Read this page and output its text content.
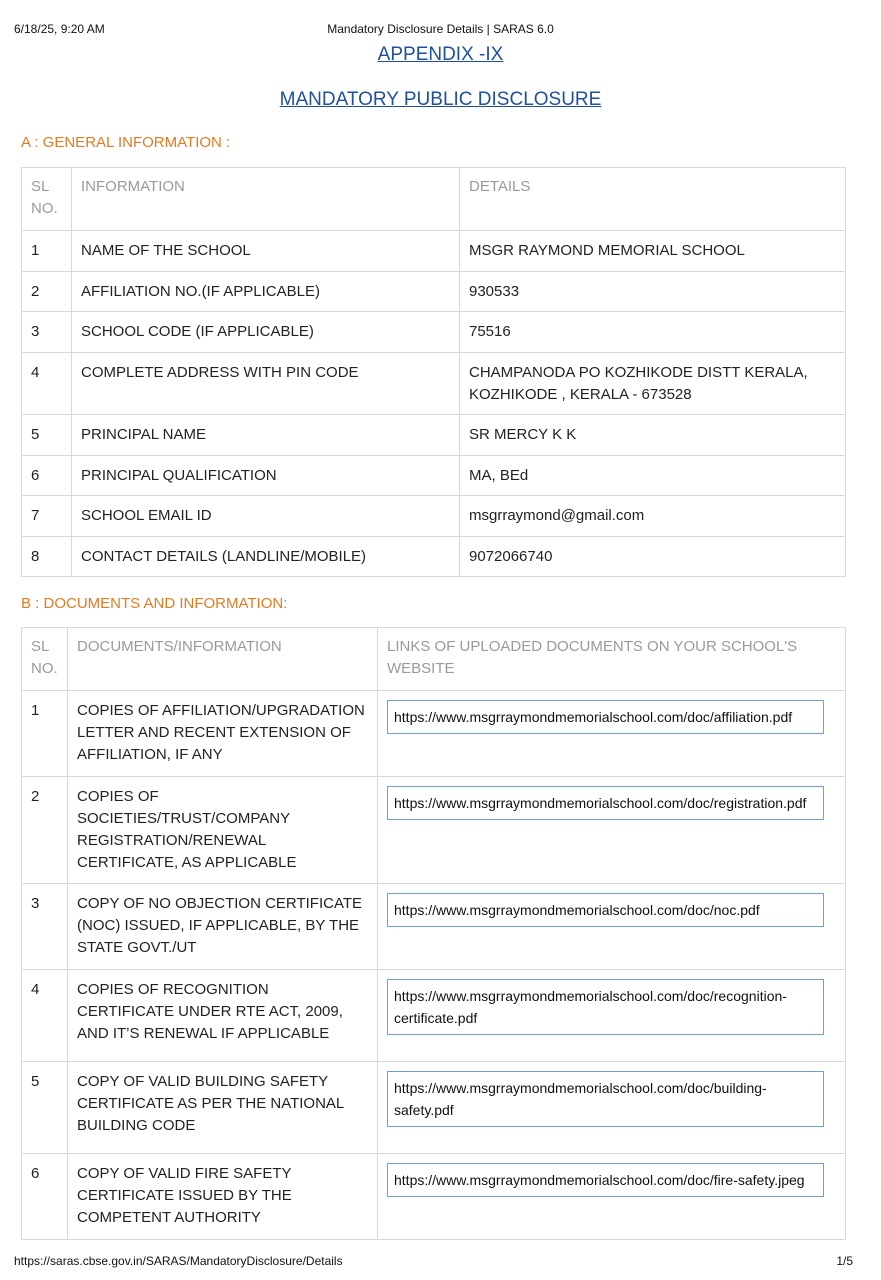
6/18/25, 9:20 AM	Mandatory Disclosure Details | SARAS 6.0
APPENDIX -IX
MANDATORY PUBLIC DISCLOSURE
A : GENERAL INFORMATION :
SL NO.	INFORMATION	DETAILS
1	NAME OF THE SCHOOL	MSGR RAYMOND MEMORIAL SCHOOL
2	AFFILIATION NO.(IF APPLICABLE)	930533
3	SCHOOL CODE (IF APPLICABLE)	75516
4	COMPLETE ADDRESS WITH PIN CODE	CHAMPANODA PO KOZHIKODE DISTT KERALA, KOZHIKODE , KERALA - 673528
5	PRINCIPAL NAME	SR MERCY K K
6	PRINCIPAL QUALIFICATION	MA, BEd
7	SCHOOL EMAIL ID	msgrraymond@gmail.com
8	CONTACT DETAILS (LANDLINE/MOBILE)	9072066740
B : DOCUMENTS AND INFORMATION:
SL NO.	DOCUMENTS/INFORMATION	LINKS OF UPLOADED DOCUMENTS ON YOUR SCHOOL'S WEBSITE
1	COPIES OF AFFILIATION/UPGRADATION LETTER AND RECENT EXTENSION OF AFFILIATION, IF ANY	https://www.msgrraymondmemorialschool.com/doc/affiliation.pdf

2	COPIES OF SOCIETIES/TRUST/COMPANY REGISTRATION/RENEWAL CERTIFICATE, AS APPLICABLE	https://www.msgrraymondmemorialschool.com/doc/registration.pdf

3	COPY OF NO OBJECTION CERTIFICATE (NOC) ISSUED, IF APPLICABLE, BY THE STATE GOVT./UT	https://www.msgrraymondmemorialschool.com/doc/noc.pdf

4	COPIES OF RECOGNITION CERTIFICATE UNDER RTE ACT, 2009, AND IT’S RENEWAL IF APPLICABLE	https://www.msgrraymondmemorialschool.com/doc/recognition-certificate.pdf

5	COPY OF VALID BUILDING SAFETY CERTIFICATE AS PER THE NATIONAL BUILDING CODE	https://www.msgrraymondmemorialschool.com/doc/building-safety.pdf

6	COPY OF VALID FIRE SAFETY CERTIFICATE ISSUED BY THE COMPETENT AUTHORITY	https://www.msgrraymondmemorialschool.com/doc/fire-safety.jpeg
https://saras.cbse.gov.in/SARAS/MandatoryDisclosure/Details	1/5
